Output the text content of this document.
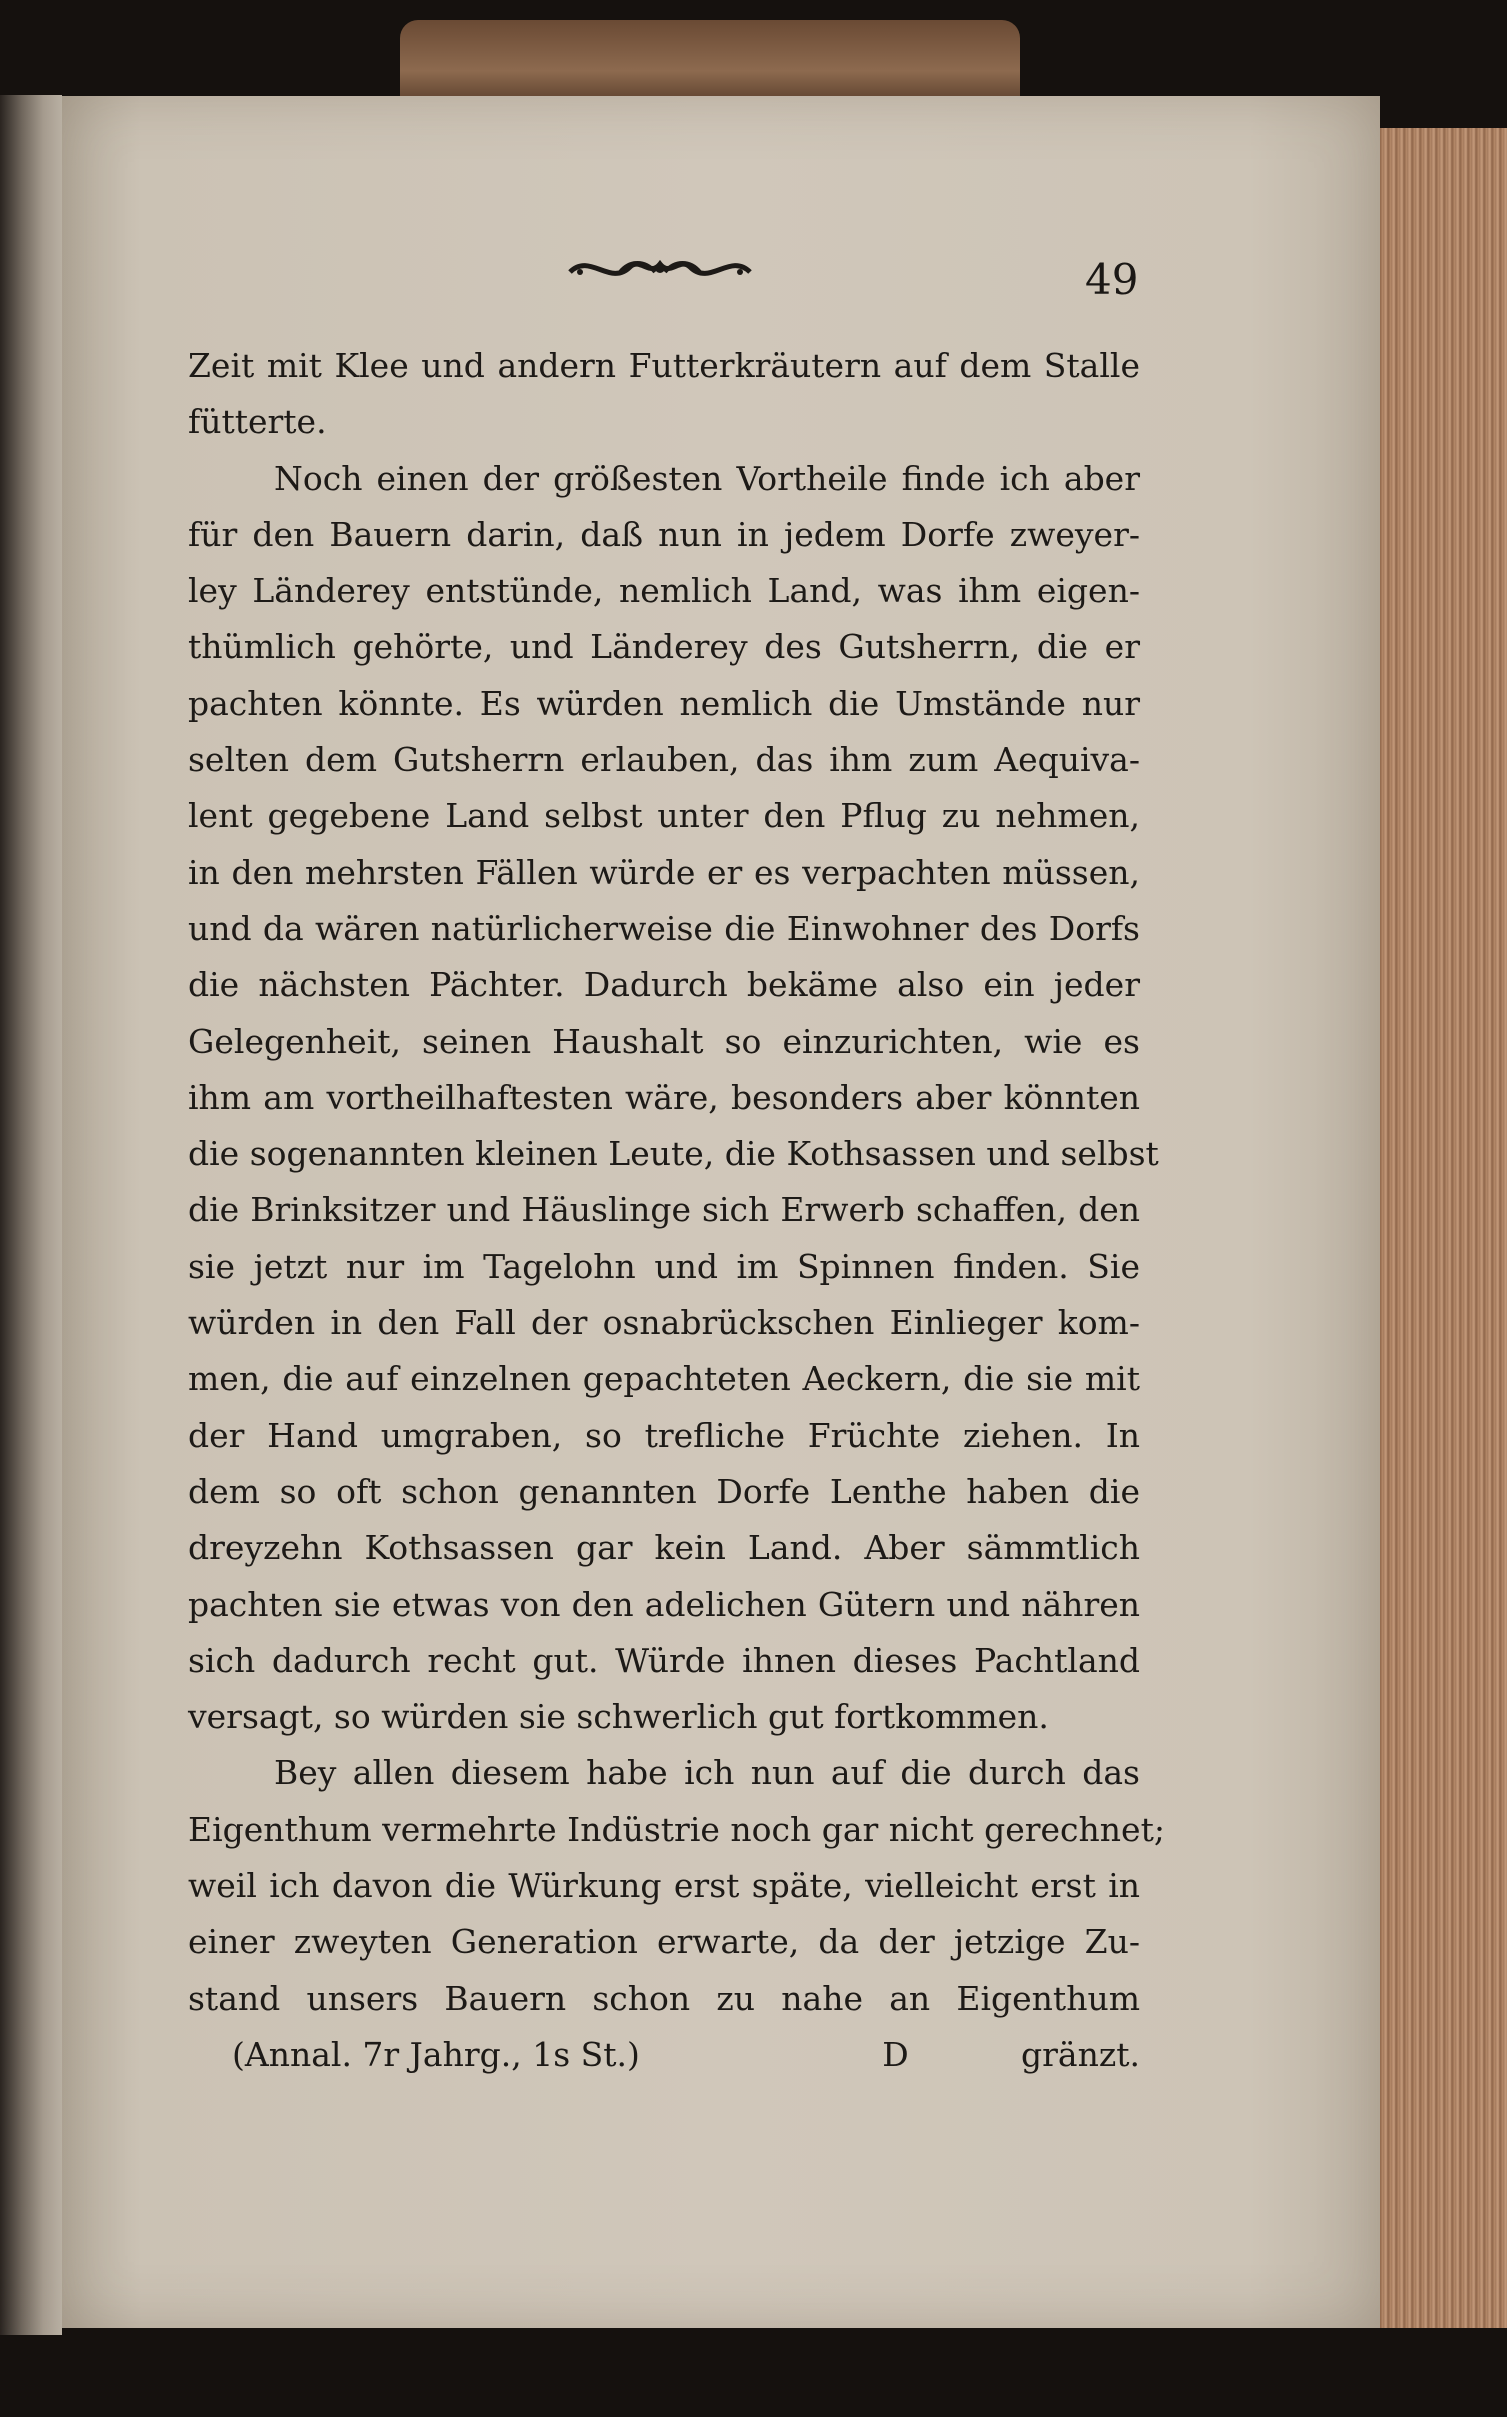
49

Zeit mit Klee und andern Futterkräutern auf dem Stalle
fütterte.
Noch einen der größesten Vortheile finde ich aber
für den Bauern darin, daß nun in jedem Dorfe zweyer-
ley Länderey entstünde, nemlich Land, was ihm eigen-
thümlich gehörte, und Länderey des Gutsherrn, die er
pachten könnte. Es würden nemlich die Umstände nur
selten dem Gutsherrn erlauben, das ihm zum Aequiva-
lent gegebene Land selbst unter den Pflug zu nehmen,
in den mehrsten Fällen würde er es verpachten müssen,
und da wären natürlicherweise die Einwohner des Dorfs
die nächsten Pächter. Dadurch bekäme also ein jeder
Gelegenheit, seinen Haushalt so einzurichten, wie es
ihm am vortheilhaftesten wäre, besonders aber könnten
die sogenannten kleinen Leute, die Kothsassen und selbst
die Brinksitzer und Häuslinge sich Erwerb schaffen, den
sie jetzt nur im Tagelohn und im Spinnen finden. Sie
würden in den Fall der osnabrückschen Einlieger kom-
men, die auf einzelnen gepachteten Aeckern, die sie mit
der Hand umgraben, so trefliche Früchte ziehen. In
dem so oft schon genannten Dorfe Lenthe haben die
dreyzehn Kothsassen gar kein Land. Aber sämmtlich
pachten sie etwas von den adelichen Gütern und nähren
sich dadurch recht gut. Würde ihnen dieses Pachtland
versagt, so würden sie schwerlich gut fortkommen.
Bey allen diesem habe ich nun auf die durch das
Eigenthum vermehrte Indüstrie noch gar nicht gerechnet;
weil ich davon die Würkung erst späte, vielleicht erst in
einer zweyten Generation erwarte, da der jetzige Zu-
stand unsers Bauern schon zu nahe an Eigenthum
(Annal. 7r Jahrg., 1s St.)	D	gränzt.
